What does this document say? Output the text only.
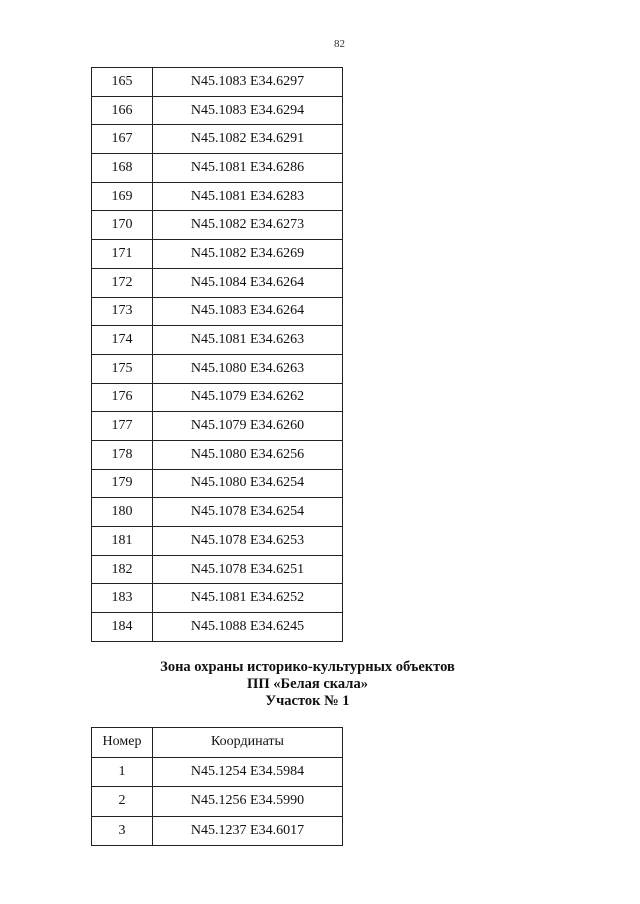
82
165	N45.1083 E34.6297
166	N45.1083 E34.6294
167	N45.1082 E34.6291
168	N45.1081 E34.6286
169	N45.1081 E34.6283
170	N45.1082 E34.6273
171	N45.1082 E34.6269
172	N45.1084 E34.6264
173	N45.1083 E34.6264
174	N45.1081 E34.6263
175	N45.1080 E34.6263
176	N45.1079 E34.6262
177	N45.1079 E34.6260
178	N45.1080 E34.6256
179	N45.1080 E34.6254
180	N45.1078 E34.6254
181	N45.1078 E34.6253
182	N45.1078 E34.6251
183	N45.1081 E34.6252
184	N45.1088 E34.6245
Зона охраны историко-культурных объектов
ПП «Белая скала»
Участок № 1
Номер	Координаты
1	N45.1254 E34.5984
2	N45.1256 E34.5990
3	N45.1237 E34.6017
